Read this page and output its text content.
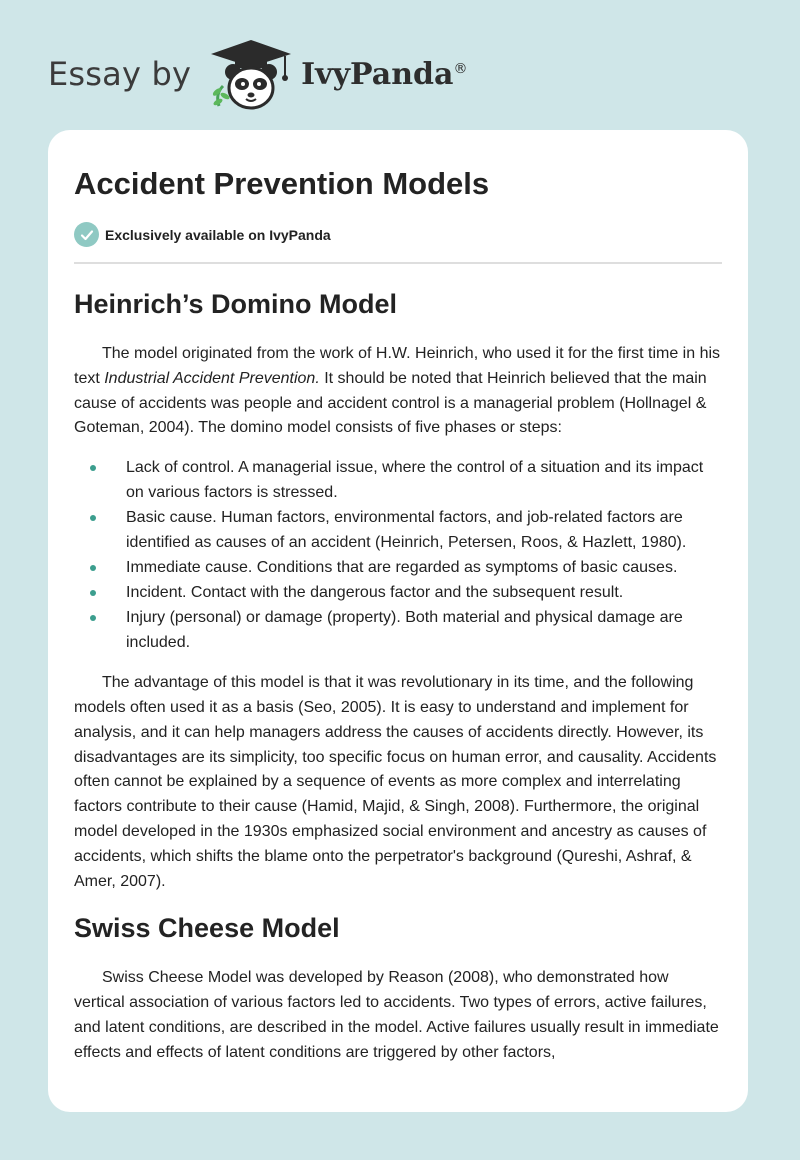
Essay by	IvyPanda®
Accident Prevention Models
Exclusively available on IvyPanda
Heinrich’s Domino Model

The model originated from the work of H.W. Heinrich, who used it for the first time in his text Industrial Accident Prevention. It should be noted that Heinrich believed that the main cause of accidents was people and accident control is a managerial problem (Hollnagel & Goteman, 2004). The domino model consists of five phases or steps:

Lack of control. A managerial issue, where the control of a situation and its impact on various factors is stressed.
Basic cause. Human factors, environmental factors, and job-related factors are identified as causes of an accident (Heinrich, Petersen, Roos, & Hazlett, 1980).
Immediate cause. Conditions that are regarded as symptoms of basic causes.
Incident. Contact with the dangerous factor and the subsequent result.
Injury (personal) or damage (property). Both material and physical damage are included.

The advantage of this model is that it was revolutionary in its time, and the following models often used it as a basis (Seo, 2005). It is easy to understand and implement for analysis, and it can help managers address the causes of accidents directly. However, its disadvantages are its simplicity, too specific focus on human error, and causality. Accidents often cannot be explained by a sequence of events as more complex and interrelating factors contribute to their cause (Hamid, Majid, & Singh, 2008). Furthermore, the original model developed in the 1930s emphasized social environment and ancestry as causes of accidents, which shifts the blame onto the perpetrator's background (Qureshi, Ashraf, & Amer, 2007).

Swiss Cheese Model

Swiss Cheese Model was developed by Reason (2008), who demonstrated how vertical association of various factors led to accidents. Two types of errors, active failures, and latent conditions, are described in the model. Active failures usually result in immediate effects and effects of latent conditions are triggered by other factors,
